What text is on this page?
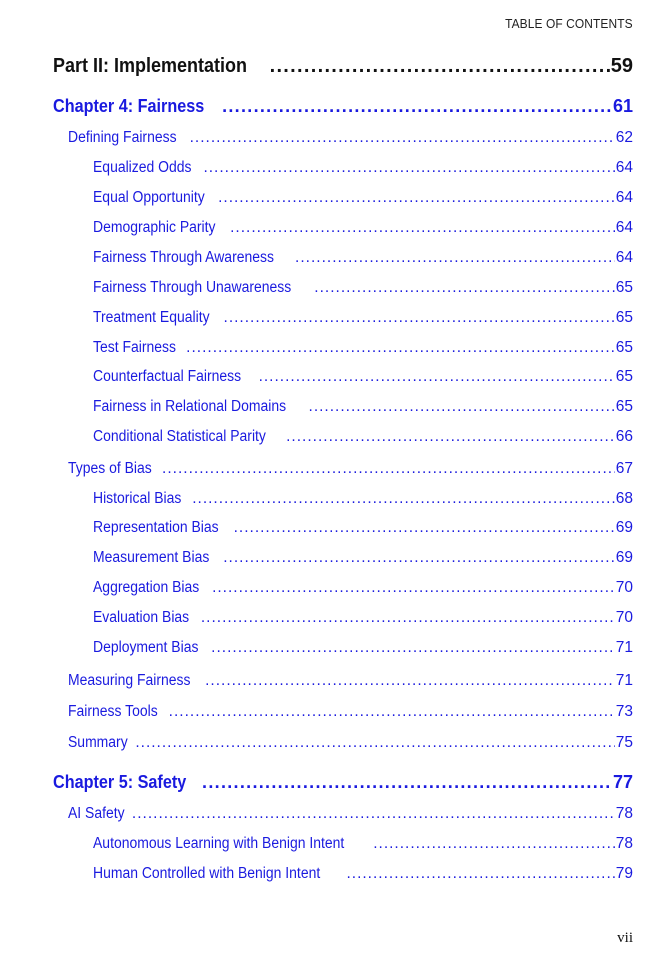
TABLE OF CONTENTS
Part II: Implementation .....	59
Chapter 4: Fairness .....	61
Defining Fairness .....	62
Equalized Odds .....	64
Equal Opportunity .....	64
Demographic Parity .....	64
Fairness Through Awareness .....	64
Fairness Through Unawareness .....	65
Treatment Equality .....	65
Test Fairness .....	65
Counterfactual Fairness .....	65
Fairness in Relational Domains .....	65
Conditional Statistical Parity .....	66
Types of Bias .....	67
Historical Bias .....	68
Representation Bias .....	69
Measurement Bias .....	69
Aggregation Bias .....	70
Evaluation Bias .....	70
Deployment Bias .....	71
Measuring Fairness .....	71
Fairness Tools .....	73
Summary .....	75
Chapter 5: Safety .....	77
AI Safety .....	78
Autonomous Learning with Benign Intent .....	78
Human Controlled with Benign Intent .....	79
vii
